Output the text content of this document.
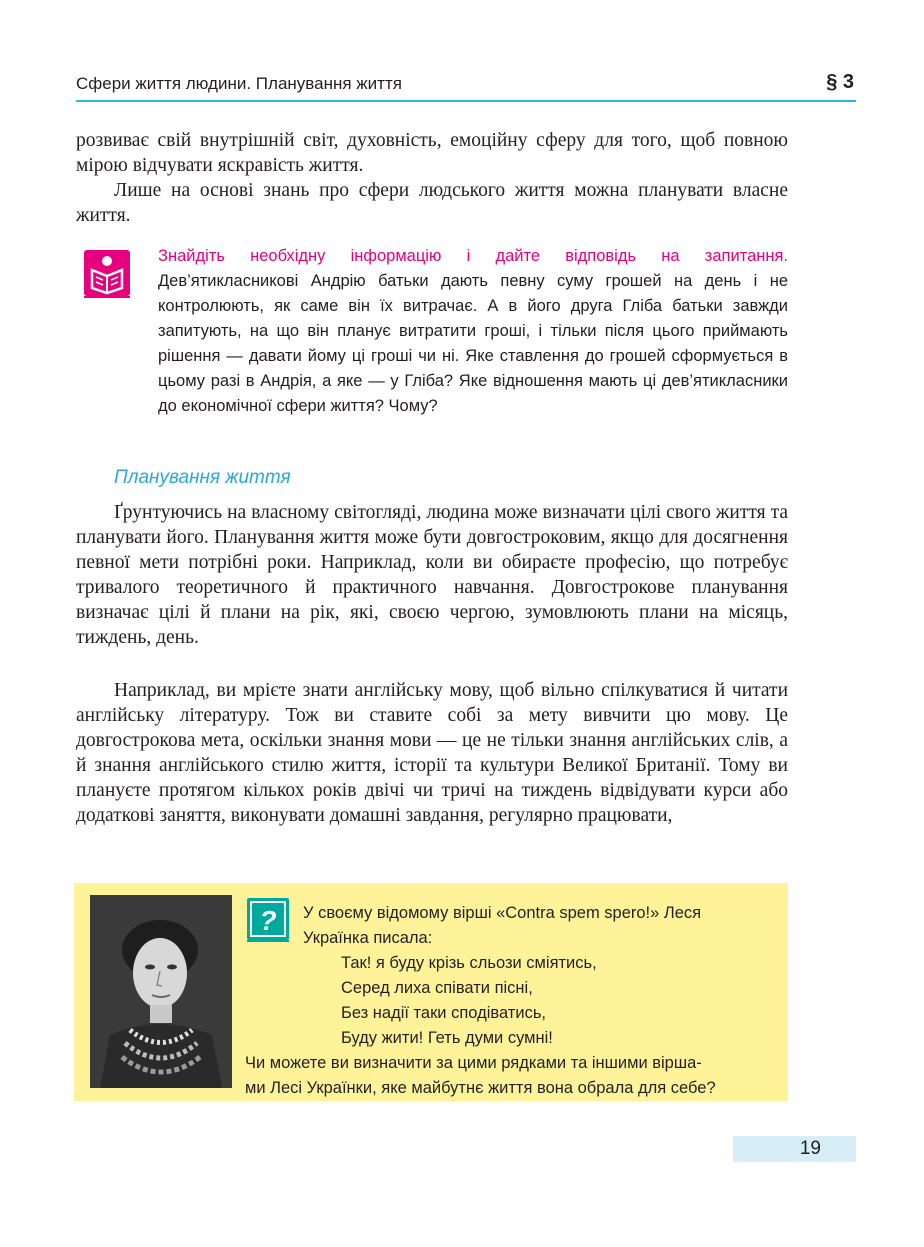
Сфери життя людини. Планування життя	§ 3
розвиває свій внутрішній світ, духовність, емоційну сферу для того, щоб повною мірою відчувати яскравість життя.
Лише на основі знань про сфери людського життя можна планувати власне життя.
Знайдіть необхідну інформацію і дайте відповідь на запитання. Дев’ятикласникові Андрію батьки дають певну суму грошей на день і не контролюють, як саме він їх витрачає. А в його друга Гліба батьки завжди запитують, на що він планує витратити гроші, і тільки після цього приймають рішення — давати йому ці гроші чи ні. Яке ставлення до грошей сформується в цьому разі в Андрія, а яке — у Гліба? Яке відношення мають ці дев’ятикласники до економічної сфери життя? Чому?
Планування життя
Ґрунтуючись на власному світогляді, людина може визначати цілі свого життя та планувати його. Планування життя може бути довгостроковим, якщо для досягнення певної мети потрібні роки. Наприклад, коли ви обираєте професію, що потребує тривалого теоретичного й практичного навчання. Довгострокове планування визначає цілі й плани на рік, які, своєю чергою, зумовлюють плани на місяць, тиждень, день.
Наприклад, ви мрієте знати англійську мову, щоб вільно спілкуватися й читати англійську літературу. Тож ви ставите собі за мету вивчити цю мову. Це довгострокова мета, оскільки знання мови — це не тільки знання англійських слів, а й знання англійського стилю життя, історії та культури Великої Британії. Тому ви плануєте протягом кількох років двічі чи тричі на тиждень відвідувати курси або додаткові заняття, виконувати домашні завдання, регулярно працювати,
? У своєму відомому вірші «Contra spem spero!» Леся
Українка писала:
Так! я буду крізь сльози сміятись,
Серед лиха співати пісні,
Без надії таки сподіватись,
Буду жити! Геть думи сумні!
Чи можете ви визначити за цими рядками та іншими вірша-
ми Лесі Українки, яке майбутнє життя вона обрала для себе?
19
